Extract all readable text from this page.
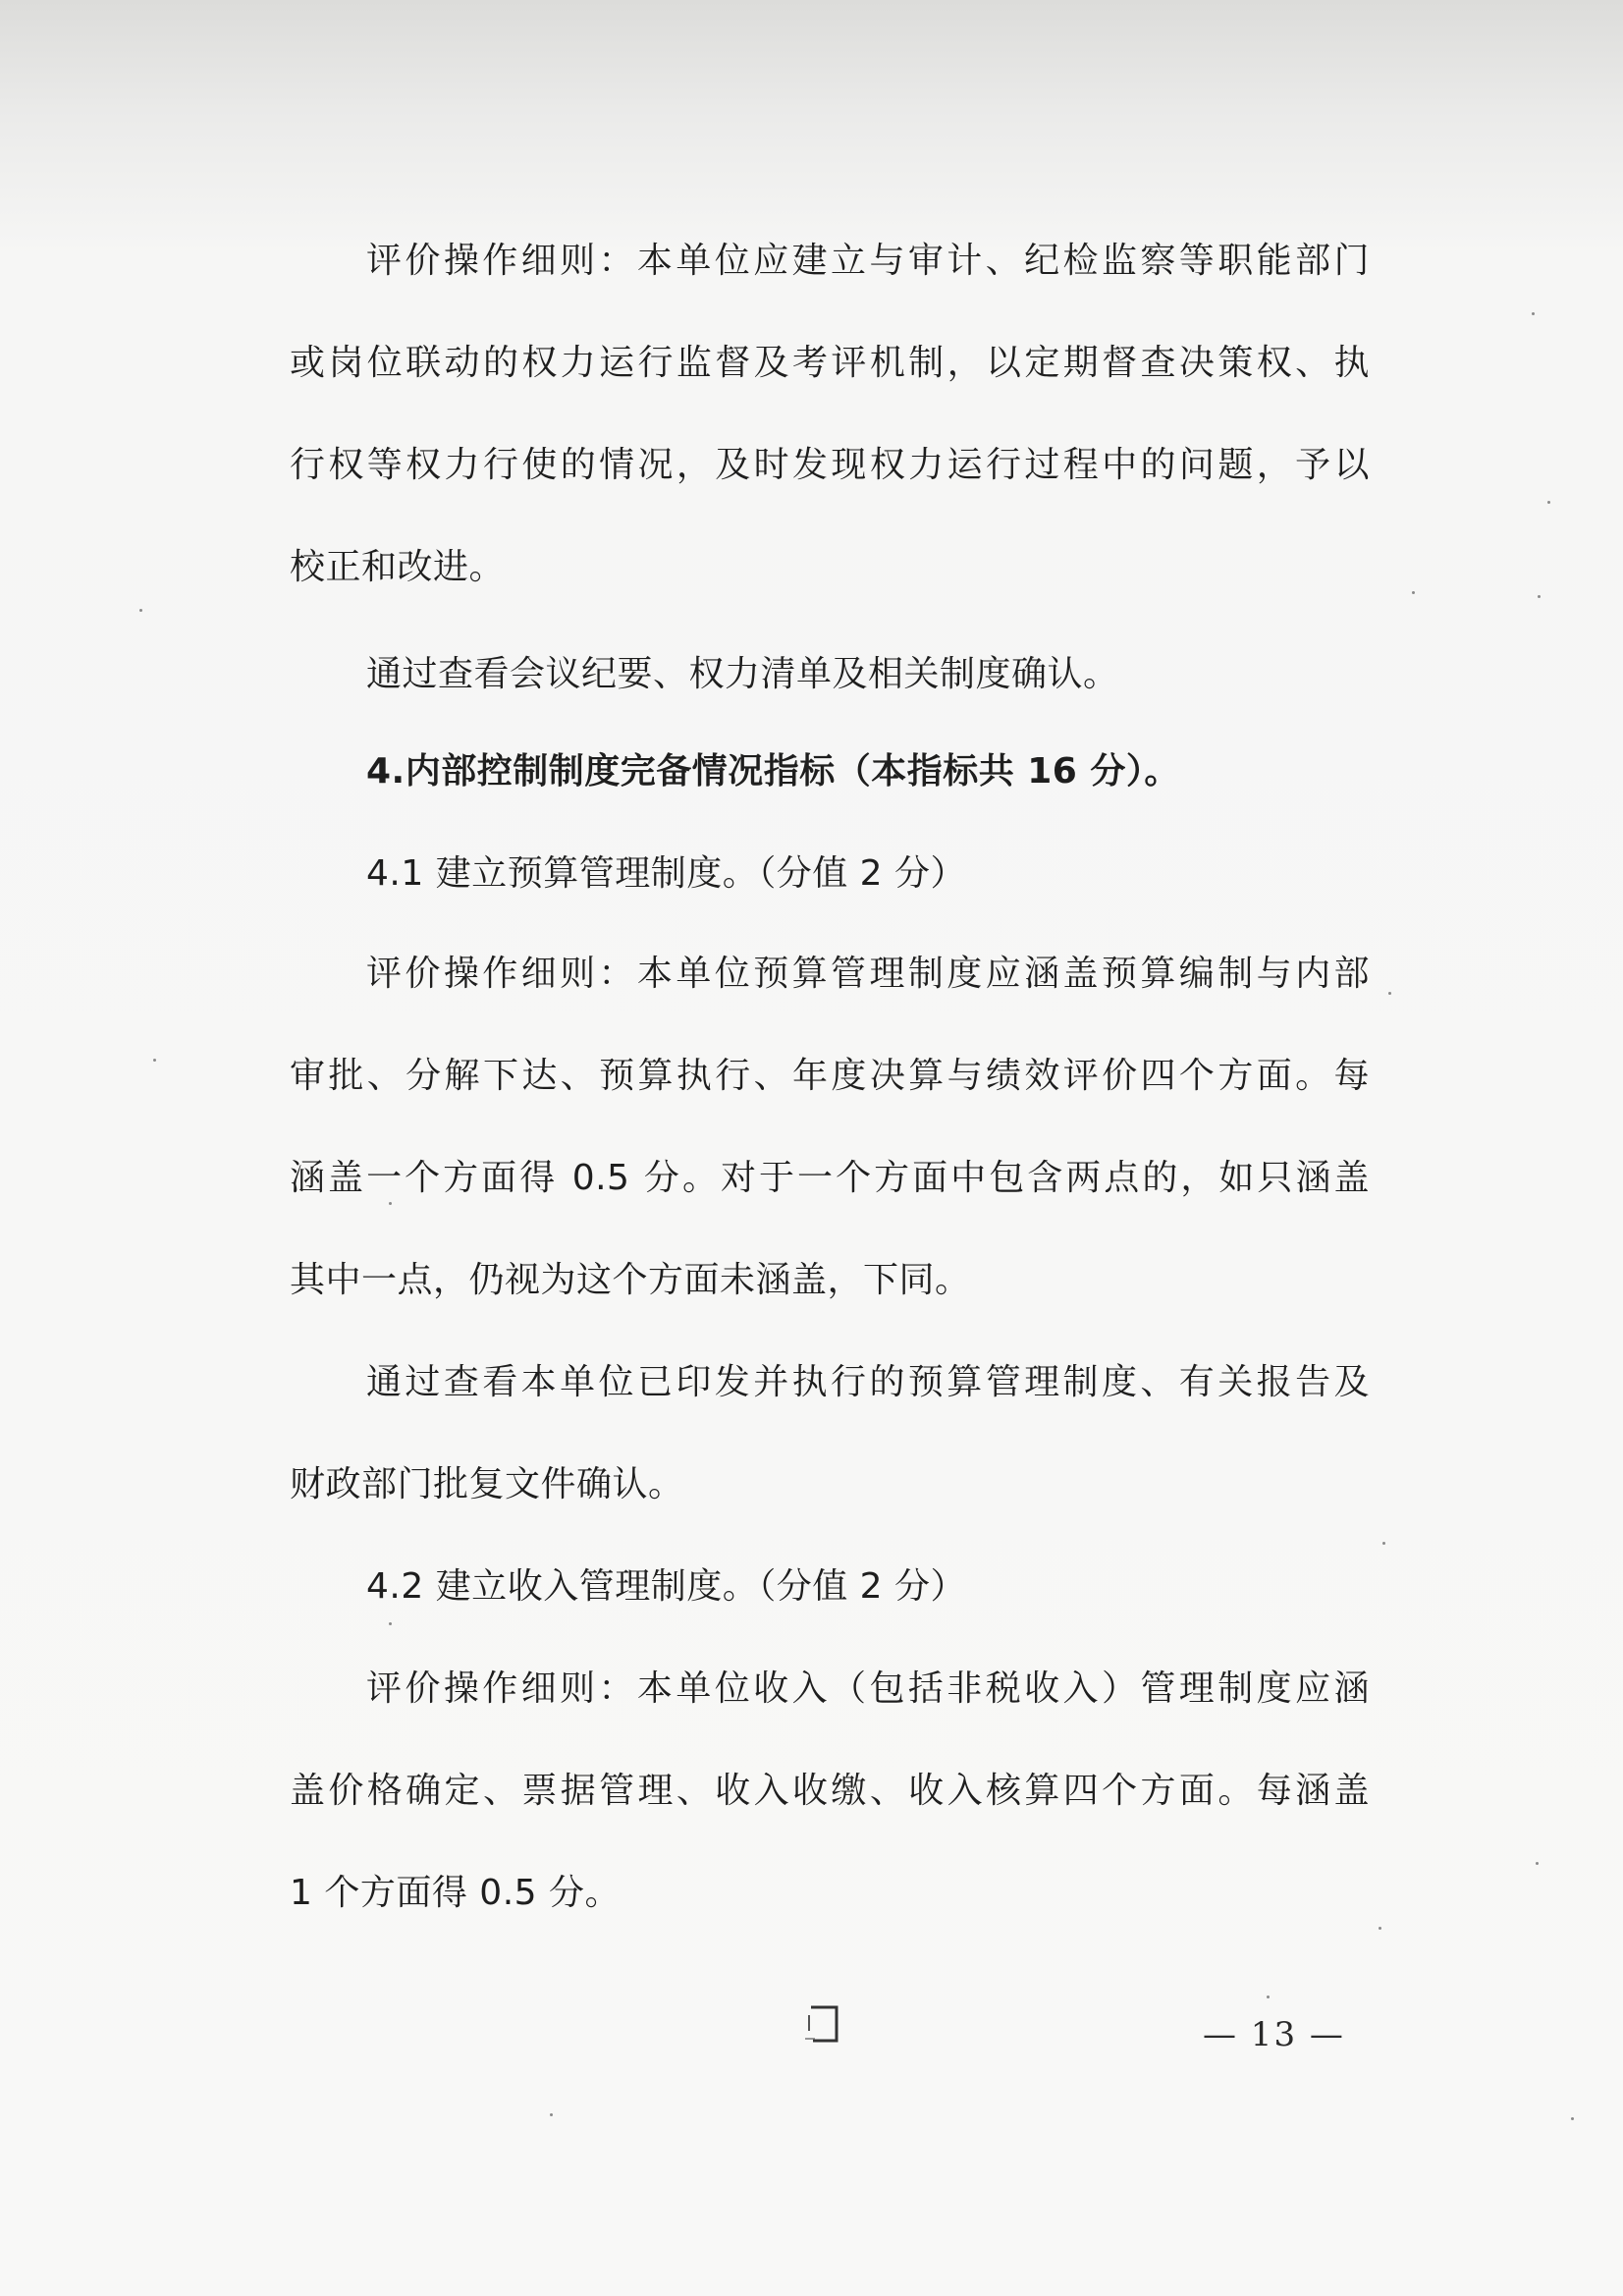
评价操作细则：本单位应建立与审计、纪检监察等职能部门
或岗位联动的权力运行监督及考评机制，以定期督查决策权、执
行权等权力行使的情况，及时发现权力运行过程中的问题，予以
校正和改进。
通过查看会议纪要、权力清单及相关制度确认。
4.内部控制制度完备情况指标（本指标共 16 分）。
4.1 建立预算管理制度。（分值 2 分）
评价操作细则：本单位预算管理制度应涵盖预算编制与内部
审批、分解下达、预算执行、年度决算与绩效评价四个方面。每
涵盖一个方面得 0.5 分。对于一个方面中包含两点的，如只涵盖
其中一点，仍视为这个方面未涵盖，下同。
通过查看本单位已印发并执行的预算管理制度、有关报告及
财政部门批复文件确认。
4.2 建立收入管理制度。（分值 2 分）
评价操作细则：本单位收入（包括非税收入）管理制度应涵
盖价格确定、票据管理、收入收缴、收入核算四个方面。每涵盖
1 个方面得 0.5 分。
— 13 —
